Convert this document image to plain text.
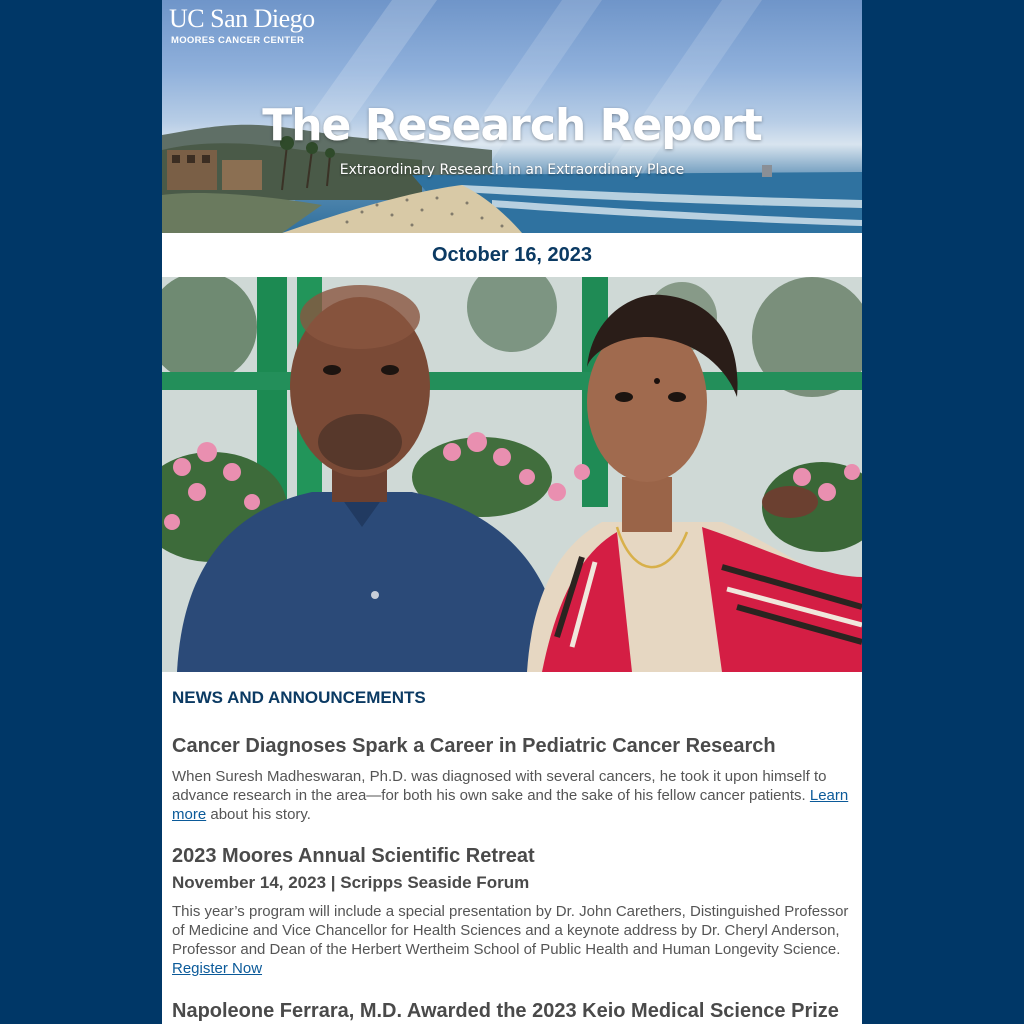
UC San Diego
MOORES CANCER CENTER
The Research Report
Extraordinary Research in an Extraordinary Place
October 16, 2023
NEWS AND ANNOUNCEMENTS
Cancer Diagnoses Spark a Career in Pediatric Cancer Research
When Suresh Madheswaran, Ph.D. was diagnosed with several cancers, he took it upon himself to advance research in the area—for both his own sake and the sake of his fellow cancer patients. Learn more about his story.
2023 Moores Annual Scientific Retreat
November 14, 2023 | Scripps Seaside Forum
This year’s program will include a special presentation by Dr. John Carethers, Distinguished Professor of Medicine and Vice Chancellor for Health Sciences and a keynote address by Dr. Cheryl Anderson, Professor and Dean of the Herbert Wertheim School of Public Health and Human Longevity Science. Register Now
Napoleone Ferrara, M.D. Awarded the 2023 Keio Medical Science Prize
